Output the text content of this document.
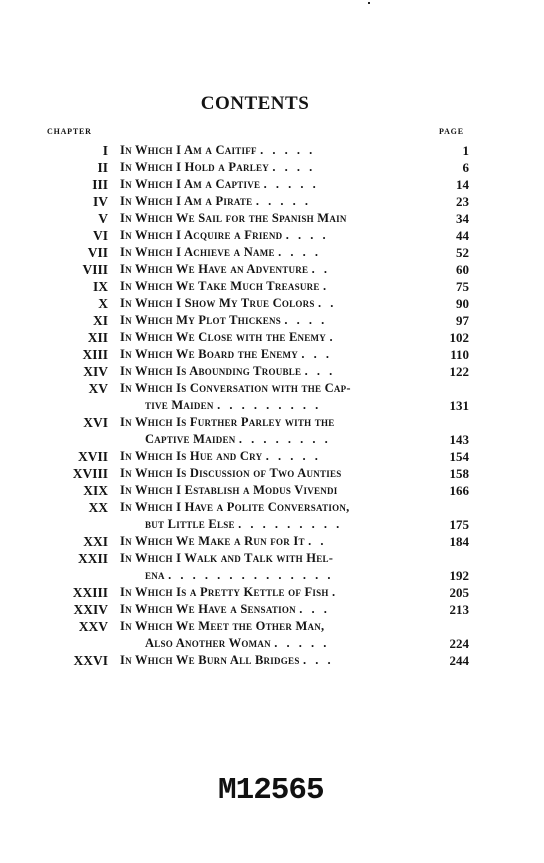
CONTENTS
CHAPTER	PAGE
I In Which I Am a Caitiff . . . . .	1
II In Which I Hold a Parley . . . .	6
III In Which I Am a Captive . . . . .	14
IV In Which I Am a Pirate . . . . .	23
V In Which We Sail for the Spanish Main	34
VI In Which I Acquire a Friend . . . .	44
VII In Which I Achieve a Name . . . .	52
VIII In Which We Have an Adventure . .	60
IX In Which We Take Much Treasure .	75
X In Which I Show My True Colors . .	90
XI In Which My Plot Thickens . . . .	97
XII In Which We Close with the Enemy .	102
XIII In Which We Board the Enemy . . .	110
XIV In Which Is Abounding Trouble . . .	122
XV In Which Is Conversation with the Cap-
tive Maiden . . . . . . . . .	131
XVI In Which Is Further Parley with the
Captive Maiden . . . . . . . .	143
XVII In Which Is Hue and Cry . . . . .	154
XVIII In Which Is Discussion of Two Aunties	158
XIX In Which I Establish a Modus Vivendi	166
XX In Which I Have a Polite Conversation,
but Little Else . . . . . . . . .	175
XXI In Which We Make a Run for It . .	184
XXII In Which I Walk and Talk with Hel-
ena . . . . . . . . . . . . . .	192
XXIII In Which Is a Pretty Kettle of Fish .	205
XXIV In Which We Have a Sensation . . .	213
XXV In Which We Meet the Other Man,
Also Another Woman . . . . .	224
XXVI In Which We Burn All Bridges . . .	244
M12565
